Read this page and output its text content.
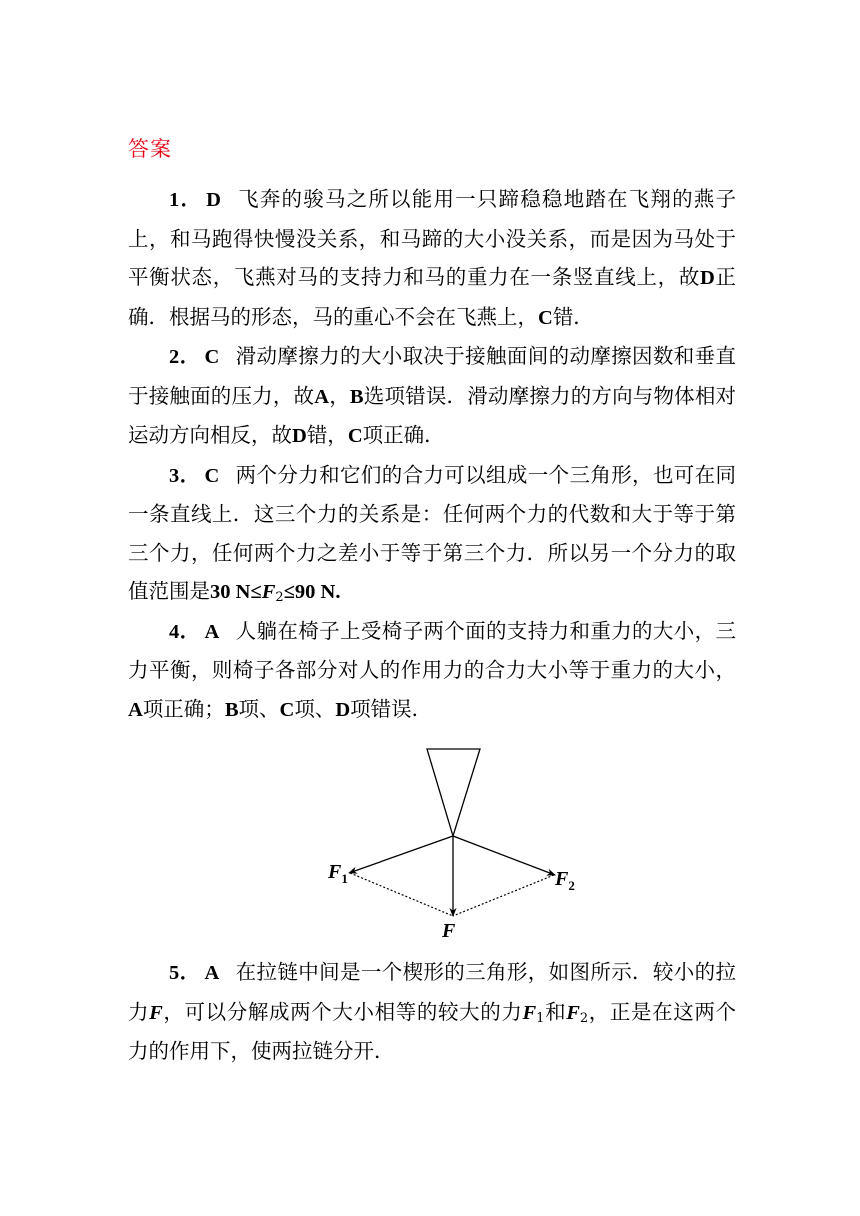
答案

1． D 飞奔的骏马之所以能用一只蹄稳稳地踏在飞翔的燕子上，和马跑得快慢没关系，和马蹄的大小没关系，而是因为马处于平衡状态，飞燕对马的支持力和马的重力在一条竖直线上，故D正确．根据马的形态，马的重心不会在飞燕上，C错．

2． C 滑动摩擦力的大小取决于接触面间的动摩擦因数和垂直于接触面的压力，故A，B选项错误．滑动摩擦力的方向与物体相对运动方向相反，故D错，C项正确．

3． C 两个分力和它们的合力可以组成一个三角形，也可在同一条直线上．这三个力的关系是：任何两个力的代数和大于等于第三个力，任何两个力之差小于等于第三个力．所以另一个分力的取值范围是30 $N\le F_2\le 90$ N.

4． A 人躺在椅子上受椅子两个面的支持力和重力的大小，三力平衡，则椅子各部分对人的作用力的合力大小等于重力的大小，A项正确；B项、C项、D项错误．

$F_1$	$F_2$
F

5． A 在拉链中间是一个楔形的三角形，如图所示．较小的拉力F，可以分解成两个大小相等的较大的力$F_1$和$F_2$，正是在这两个力的作用下，使两拉链分开．
